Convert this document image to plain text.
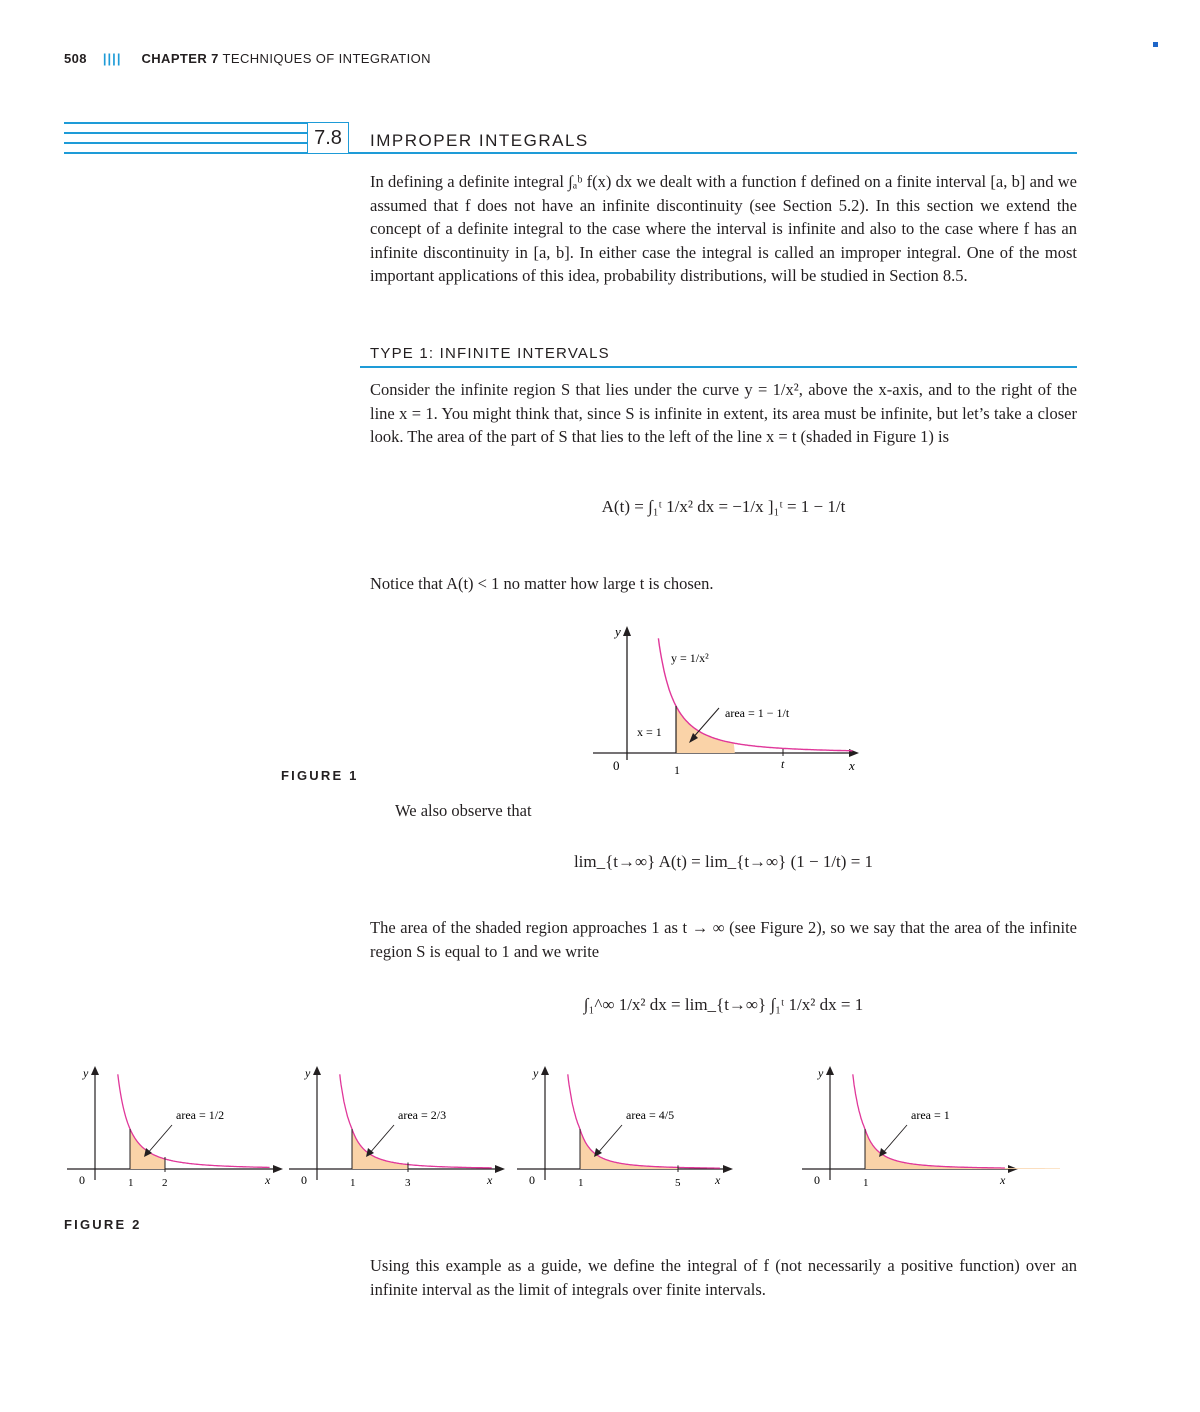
508 |||| CHAPTER 7 TECHNIQUES OF INTEGRATION
7.8	IMPROPER INTEGRALS
In defining a definite integral ∫ₐᵇ f(x) dx we dealt with a function f defined on a finite interval [a, b] and we assumed that f does not have an infinite discontinuity (see Section 5.2). In this section we extend the concept of a definite integral to the case where the interval is infinite and also to the case where f has an infinite discontinuity in [a, b]. In either case the integral is called an improper integral. One of the most important applications of this idea, probability distributions, will be studied in Section 8.5.
TYPE 1: INFINITE INTERVALS
Consider the infinite region S that lies under the curve y = 1/x², above the x-axis, and to the right of the line x = 1. You might think that, since S is infinite in extent, its area must be infinite, but let’s take a closer look. The area of the part of S that lies to the left of the line x = t (shaded in Figure 1) is
A(t) = ∫₁ᵗ 1/x² dx = −1/x ]₁ᵗ = 1 − 1/t
Notice that A(t) < 1 no matter how large t is chosen.
y
0	1	t	x
y = 1/x²
x = 1
area = 1 − 1/t
FIGURE 1
We also observe that
lim_{t→∞} A(t) = lim_{t→∞} (1 − 1/t) = 1
The area of the shaded region approaches 1 as t → ∞ (see Figure 2), so we say that the area of the infinite region S is equal to 1 and we write
∫₁^∞ 1/x² dx = lim_{t→∞} ∫₁ᵗ 1/x² dx = 1
y
0	1	2	x
area = 1/2
y
0	1	3	x
area = 2/3
y
0	1	5	x
area = 4/5
y
0	1	x
area = 1
FIGURE 2
Using this example as a guide, we define the integral of f (not necessarily a positive function) over an infinite interval as the limit of integrals over finite intervals.
